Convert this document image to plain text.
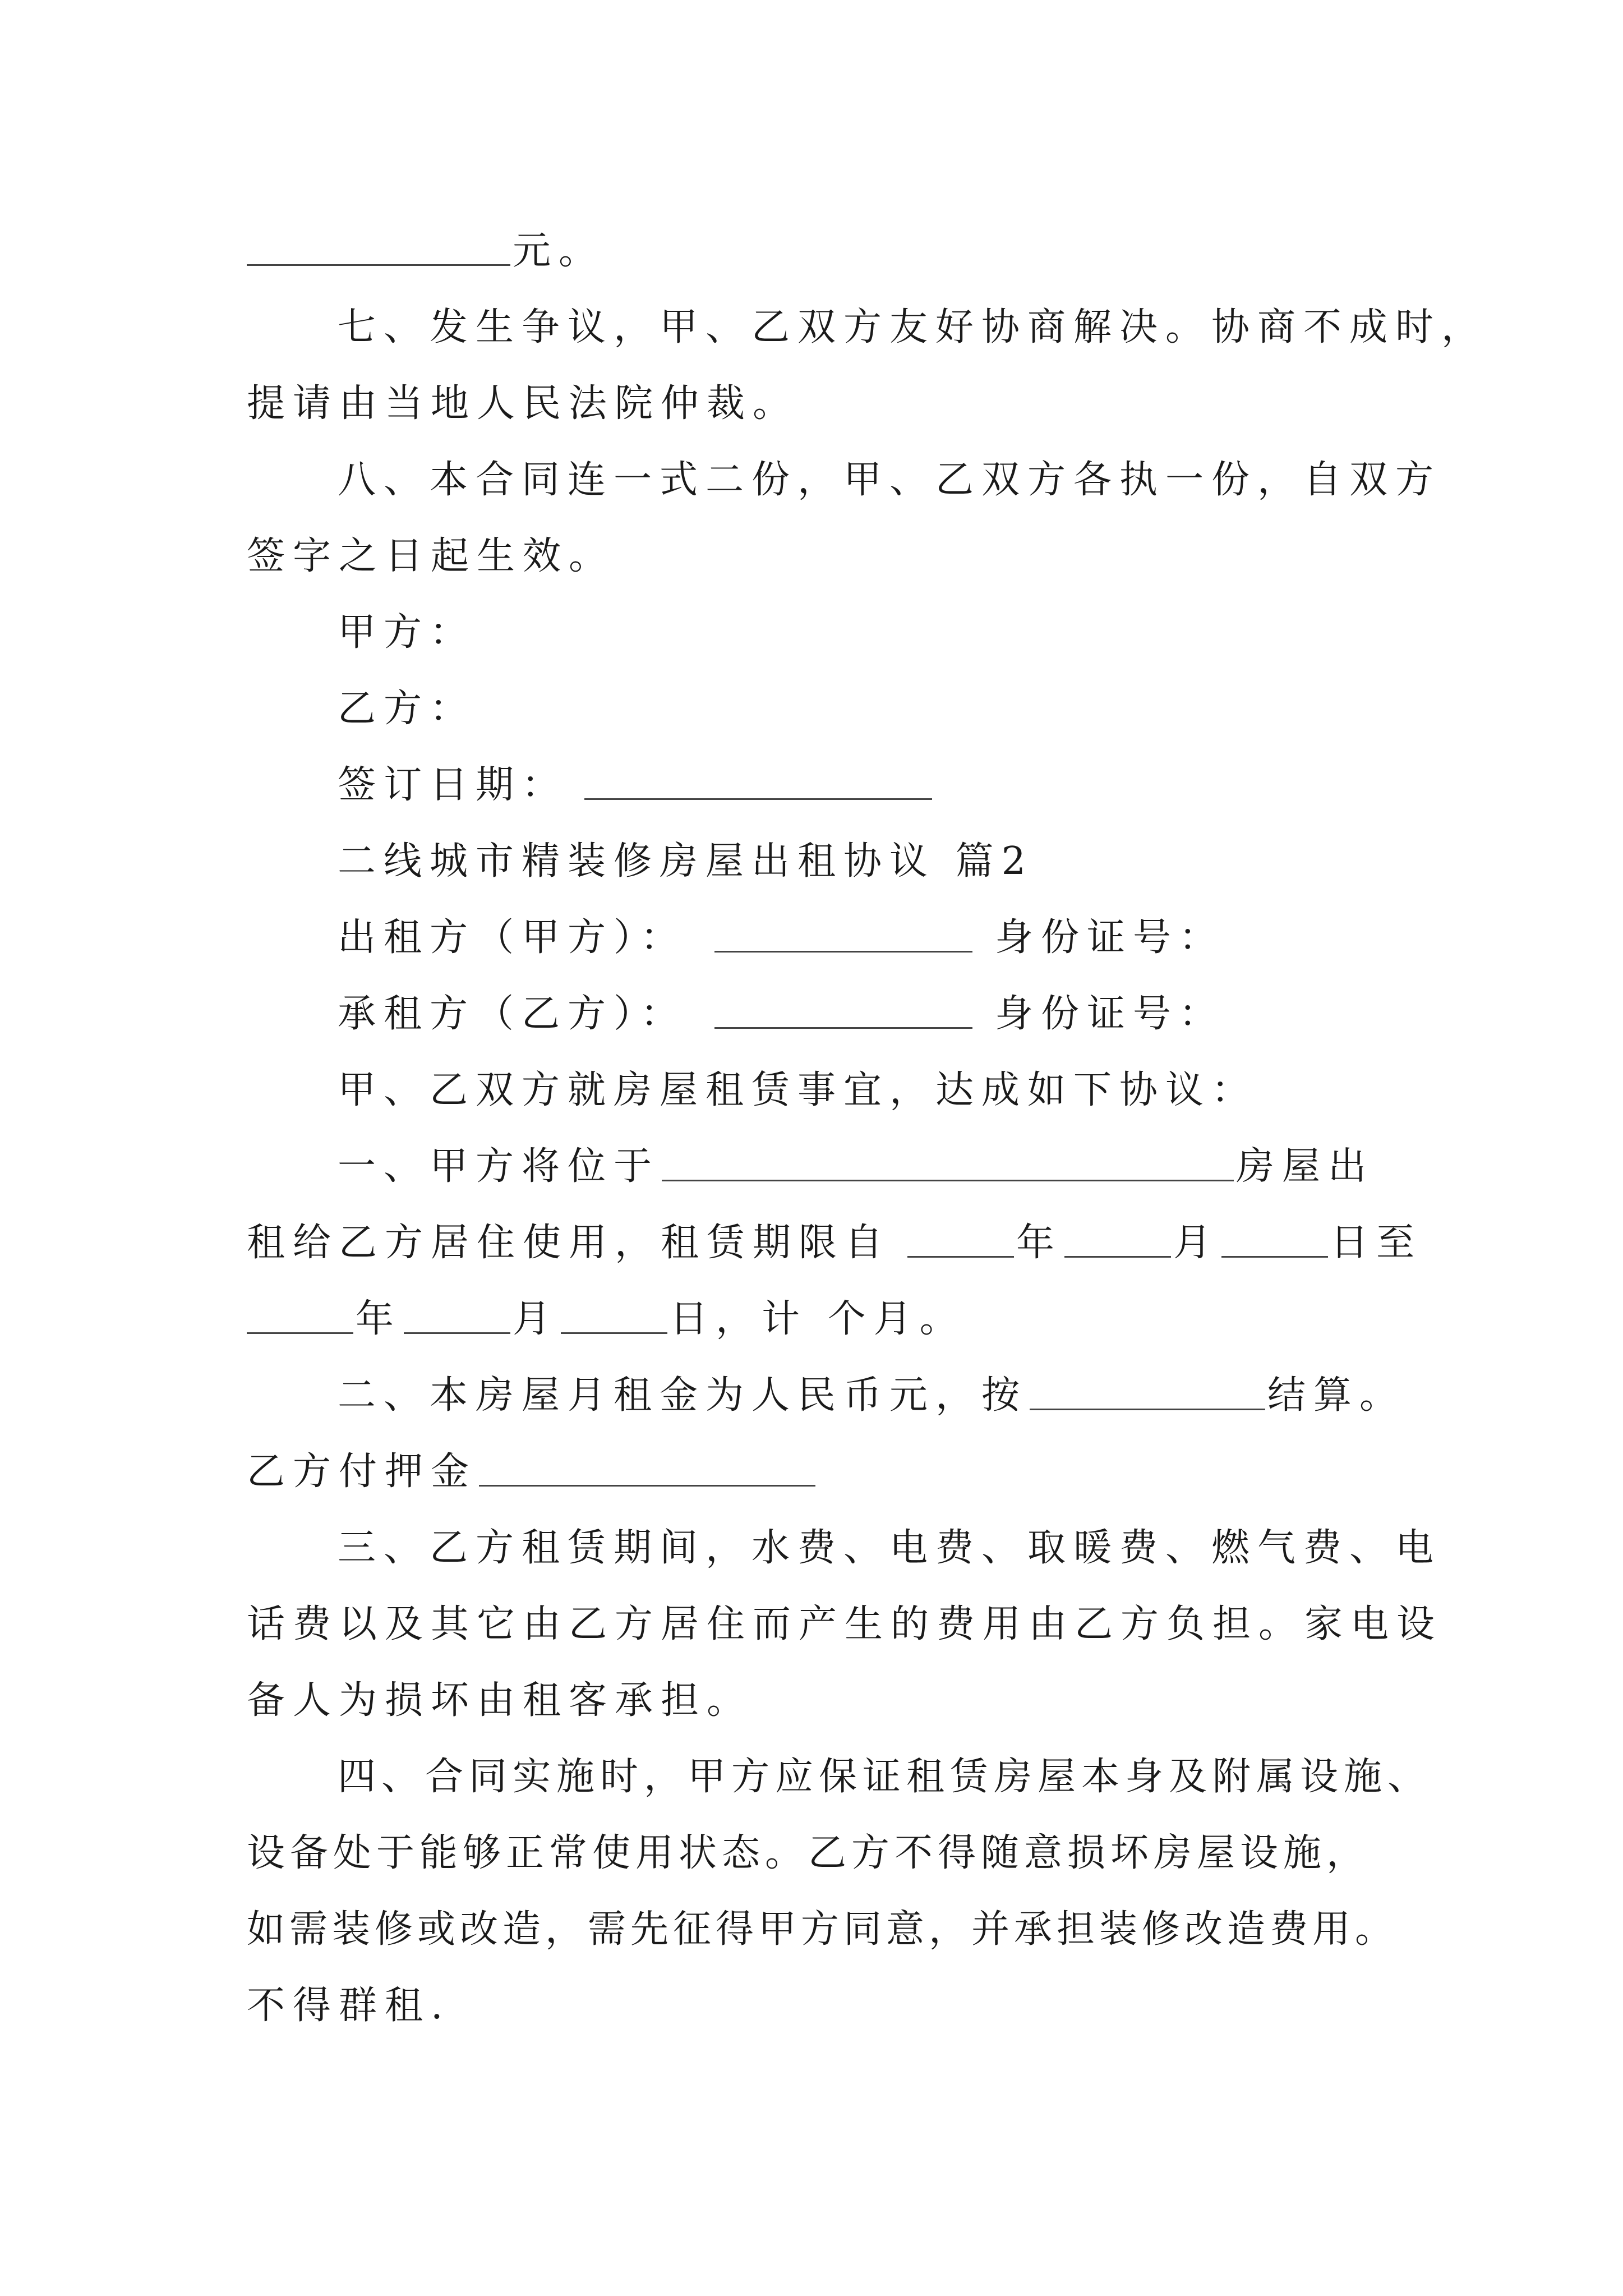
元。
七、发生争议，甲、乙双方友好协商解决。协商不成时，
提请由当地人民法院仲裁。
八、本合同连一式二份，甲、乙双方各执一份，自双方
签字之日起生效。
甲方：
乙方：
签订日期：
二线城市精装修房屋出租协议 篇2
出租方（甲方）：	身份证号：
承租方（乙方）：	身份证号：
甲、乙双方就房屋租赁事宜，达成如下协议：
一、甲方将位于	房屋出
租给乙方居住使用，租赁期限自	年	月	日至
年	月	日，计 个月。
二、本房屋月租金为人民币元，按	结算。
乙方付押金
三、乙方租赁期间，水费、电费、取暖费、燃气费、电
话费以及其它由乙方居住而产生的费用由乙方负担。家电设
备人为损坏由租客承担。
四、合同实施时，甲方应保证租赁房屋本身及附属设施、
设备处于能够正常使用状态。乙方不得随意损坏房屋设施，
如需装修或改造，需先征得甲方同意，并承担装修改造费用。
不得群租.
